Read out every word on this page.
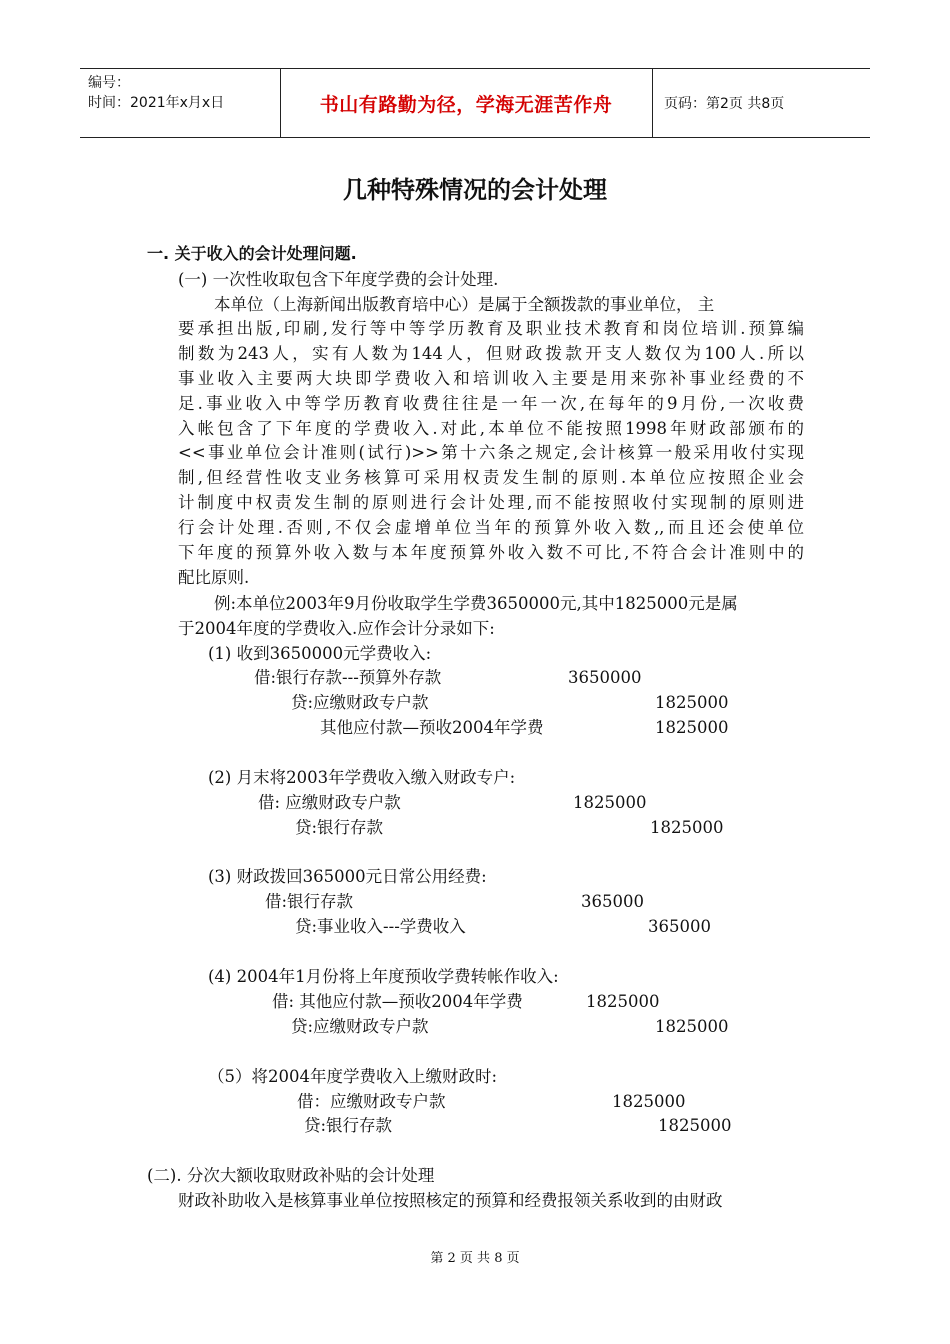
编号：
时间：2021年x月x日	书山有路勤为径，学海无涯苦作舟	页码：第2页 共8页
几种特殊情况的会计处理
一. 关于收入的会计处理问题.
(一) 一次性收取包含下年度学费的会计处理.
本单位（上海新闻出版教育培中心）是属于全额拨款的事业单位， 主
要承担出版,印刷,发行等中等学历教育及职业技术教育和岗位培训.预算编
制数为243人，实有人数为144人，但财政拨款开支人数仅为100人.所以
事业收入主要两大块即学费收入和培训收入主要是用来弥补事业经费的不
足.事业收入中等学历教育收费往往是一年一次,在每年的9月份,一次收费
入帐包含了下年度的学费收入.对此,本单位不能按照1998年财政部颁布的
<<事业单位会计准则(试行)>>第十六条之规定,会计核算一般采用收付实现
制,但经营性收支业务核算可采用权责发生制的原则.本单位应按照企业会
计制度中权责发生制的原则进行会计处理,而不能按照收付实现制的原则进
行会计处理.否则,不仅会虚增单位当年的预算外收入数,,而且还会使单位
下年度的预算外收入数与本年度预算外收入数不可比,不符合会计准则中的
配比原则.
例:本单位2003年9月份收取学生学费3650000元,其中1825000元是属
于2004年度的学费收入.应作会计分录如下:
(1) 收到3650000元学费收入:
借:银行存款---预算外存款	3650000
贷:应缴财政专户款	1825000
其他应付款—预收2004年学费	1825000
(2) 月末将2003年学费收入缴入财政专户:
借: 应缴财政专户款	1825000
贷:银行存款	1825000
(3) 财政拨回365000元日常公用经费:
借:银行存款	365000
贷:事业收入---学费收入	365000
(4) 2004年1月份将上年度预收学费转帐作收入:
借: 其他应付款—预收2004年学费	1825000
贷:应缴财政专户款	1825000
（5）将2004年度学费收入上缴财政时:
借：应缴财政专户款	1825000
贷:银行存款	1825000
(二). 分次大额收取财政补贴的会计处理
财政补助收入是核算事业单位按照核定的预算和经费报领关系收到的由财政
第 2 页 共 8 页
